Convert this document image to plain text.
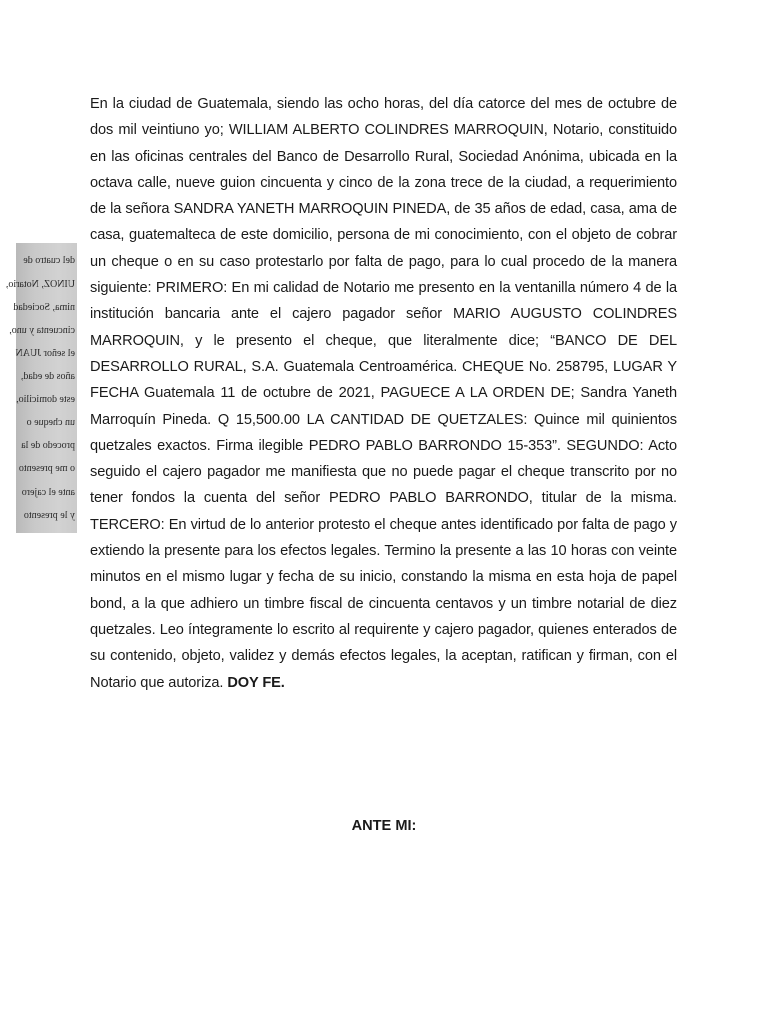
En la ciudad de Guatemala, siendo las ocho horas, del día catorce del mes de octubre de dos mil veintiuno yo; WILLIAM ALBERTO COLINDRES MARROQUIN, Notario, constituido en las oficinas centrales del Banco de Desarrollo Rural, Sociedad Anónima, ubicada en la octava calle, nueve guion cincuenta y cinco de la zona trece de la ciudad, a requerimiento de la señora SANDRA YANETH MARROQUIN PINEDA, de 35 años de edad, casa, ama de casa, guatemalteca de este domicilio, persona de mi conocimiento, con el objeto de cobrar un cheque o en su caso protestarlo por falta de pago, para lo cual procedo de la manera siguiente: PRIMERO: En mi calidad de Notario me presento en la ventanilla número 4 de la institución bancaria ante el cajero pagador señor MARIO AUGUSTO COLINDRES MARROQUIN, y le presento el cheque, que literalmente dice; “BANCO DE DEL DESARROLLO RURAL, S.A. Guatemala Centroamérica. CHEQUE No. 258795, LUGAR Y FECHA Guatemala 11 de octubre de 2021, PAGUECE A LA ORDEN DE; Sandra Yaneth Marroquín Pineda. Q 15,500.00 LA CANTIDAD DE QUETZALES: Quince mil quinientos quetzales exactos. Firma ilegible PEDRO PABLO BARRONDO 15-353”. SEGUNDO: Acto seguido el cajero pagador me manifiesta que no puede pagar el cheque transcrito por no tener fondos la cuenta del señor PEDRO PABLO BARRONDO, titular de la misma. TERCERO: En virtud de lo anterior protesto el cheque antes identificado por falta de pago y extiendo la presente para los efectos legales. Termino la presente a las 10 horas con veinte minutos en el mismo lugar y fecha de su inicio, constando la misma en esta hoja de papel bond, a la que adhiero un timbre fiscal de cincuenta centavos y un timbre notarial de diez quetzales. Leo íntegramente lo escrito al requirente y cajero pagador, quienes enterados de su contenido, objeto, validez y demás efectos legales, la aceptan, ratifican y firman, con el Notario que autoriza. DOY FE.

ANTE MI:
del cuatro de
UINOZ, Notario,
nima, Sociedad
cincuenta y uno,
el señor JUAN
años de edad,
este domicilio,
un cheque o
procedo de la
o me presento
ante el cajero
y le presento
